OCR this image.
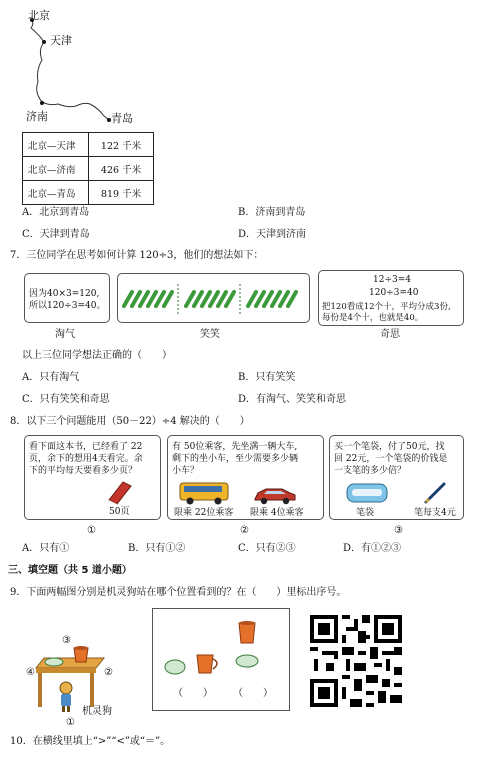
北京
天津
济南	青岛
北京—天津	122 千米
北京—济南	426 千米
北京—青岛	819 千米
A．北京到青岛	B．济南到青岛
C．天津到青岛	D．天津到济南
7．三位同学在思考如何计算 120÷3，他们的想法如下：
因为40×3=120,
所以120÷3=40。
淘气	笑笑
12÷3=4
120÷3=40
把120看成12个十，平均分成3份,
每份是4个十，也就是40。
奇思
以上三位同学想法正确的（　　）
A．只有淘气	B．只有笑笑
C．只有笑笑和奇思	D．有淘气、笑笑和奇思
8．以下三个问题能用（50－22）÷4 解决的（　　）
看下面这本书，已经看了 22
页，余下的想用4天看完。余
下的平均每天要看多少页？
50页
①
有 50位乘客，先坐满一辆大车,
剩下的坐小车，至少需要多少辆
小车？
限乘 22位乘客 限乘 4位乘客
②
买一个笔袋，付了50元，找
回 22元，一个笔袋的价钱是
一支笔的多少倍？
笔袋	笔每支4元
③
A．只有①	B．只有①②	C．只有②③	D．有①②③
三、填空题（共 5 道小题）
9．下面两幅图分别是机灵狗站在哪个位置看到的？在（　　）里标出序号。
③
④	②
①
机灵狗
（　　） （　　）
10．在横线里填上“>”“<”或“＝”。
